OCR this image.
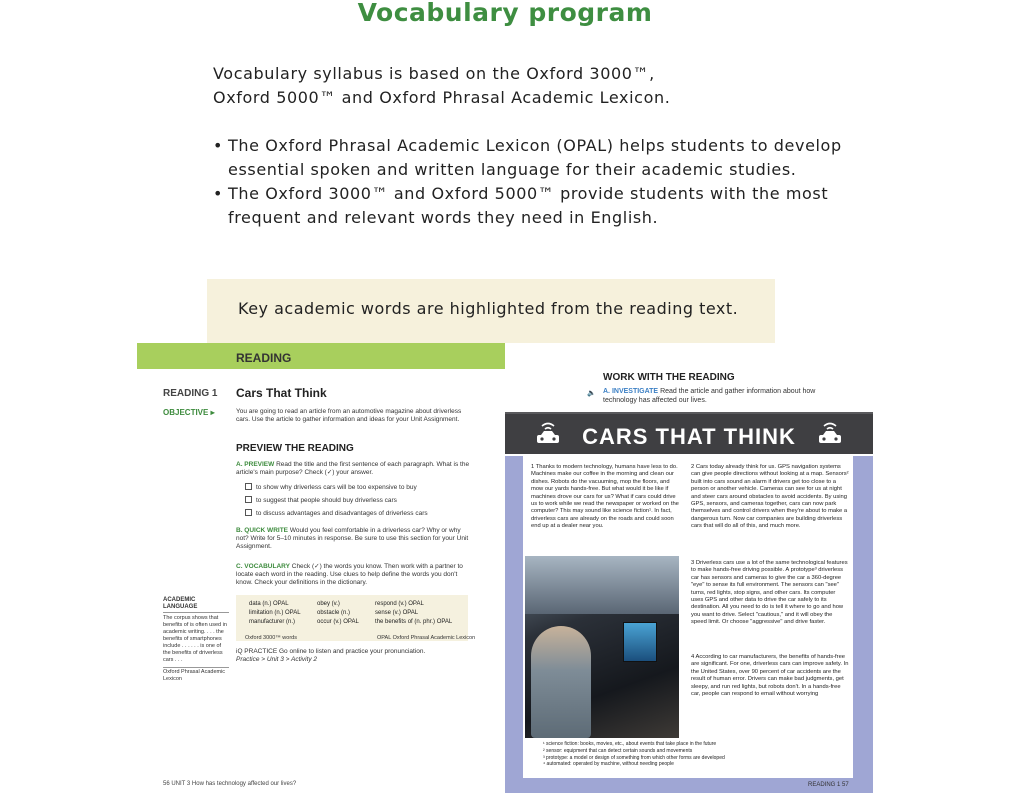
Vocabulary program
Vocabulary syllabus is based on the Oxford 3000™,
Oxford 5000™ and Oxford Phrasal Academic Lexicon.
• The Oxford Phrasal Academic Lexicon (OPAL) helps students to develop essential spoken and written language for their academic studies.
• The Oxford 3000™ and Oxford 5000™ provide students with the most frequent and relevant words they need in English.
Key academic words are highlighted from the reading text.
READING
READING 1
OBJECTIVE ▸
Cars That Think
You are going to read an article from an automotive magazine about driverless cars. Use the article to gather information and ideas for your Unit Assignment.
PREVIEW THE READING
A. PREVIEW Read the title and the first sentence of each paragraph. What is the article's main purpose? Check (✓) your answer.
to show why driverless cars will be too expensive to buy
to suggest that people should buy driverless cars
to discuss advantages and disadvantages of driverless cars
B. QUICK WRITE Would you feel comfortable in a driverless car? Why or why not? Write for 5–10 minutes in response. Be sure to use this section for your Unit Assignment.
C. VOCABULARY Check (✓) the words you know. Then work with a partner to locate each word in the reading. Use clues to help define the words you don't know. Check your definitions in the dictionary.
data (n.) OPAL	obey (v.)	respond (v.) OPAL
limitation (n.) OPAL	obstacle (n.)	sense (v.) OPAL
manufacturer (n.)	occur (v.) OPAL	the benefits of (n. phr.) OPAL
Oxford 3000™ words	OPAL Oxford Phrasal Academic Lexicon
ACADEMIC LANGUAGE
The corpus shows that benefits of is often used in academic writing. . . . the benefits of smartphones include . . . . . . is one of the benefits of driverless cars . . .
Oxford Phrasal Academic Lexicon
iQ PRACTICE Go online to listen and practice your pronunciation.
Practice > Unit 3 > Activity 2
56 UNIT 3 How has technology affected our lives?
WORK WITH THE READING
🔈 A. INVESTIGATE Read the article and gather information about how technology has affected our lives.
CARS THAT THINK
1 Thanks to modern technology, humans have less to do. Machines make our coffee in the morning and clean our dishes. Robots do the vacuuming, mop the floors, and mow our yards hands-free. But what would it be like if machines drove our cars for us? What if cars could drive us to work while we read the newspaper or worked on the computer? This may sound like science fiction¹. In fact, driverless cars are already on the roads and could soon end up at a dealer near you.
2 Cars today already think for us. GPS navigation systems can give people directions without looking at a map. Sensors² built into cars sound an alarm if drivers get too close to a person or another vehicle. Cameras can see for us at night and steer cars around obstacles to avoid accidents. By using GPS, sensors, and cameras together, cars can now park themselves and control drivers when they're about to make a dangerous turn. Now car companies are building driverless cars that will do all of this, and much more.
3 Driverless cars use a lot of the same technological features to make hands-free driving possible. A prototype³ driverless car has sensors and cameras to give the car a 360-degree "eye" to sense its full environment. The sensors can "see" turns, red lights, stop signs, and other cars. Its computer uses GPS and other data to drive the car safely to its destination. All you need to do is tell it where to go and how you want to drive. Select "cautious," and it will obey the speed limit. Or choose "aggressive" and drive faster.
4 According to car manufacturers, the benefits of hands-free are significant. For one, driverless cars can improve safety. In the United States, over 90 percent of car accidents are the result of human error. Drivers can make bad judgments, get sleepy, and run red lights, but robots don't. In a hands-free car, people can respond to email without worrying
¹ science fiction: books, movies, etc., about events that take place in the future
² sensor: equipment that can detect certain sounds and movements
³ prototype: a model or design of something from which other forms are developed
⁴ automated: operated by machine, without needing people
READING 1 57
